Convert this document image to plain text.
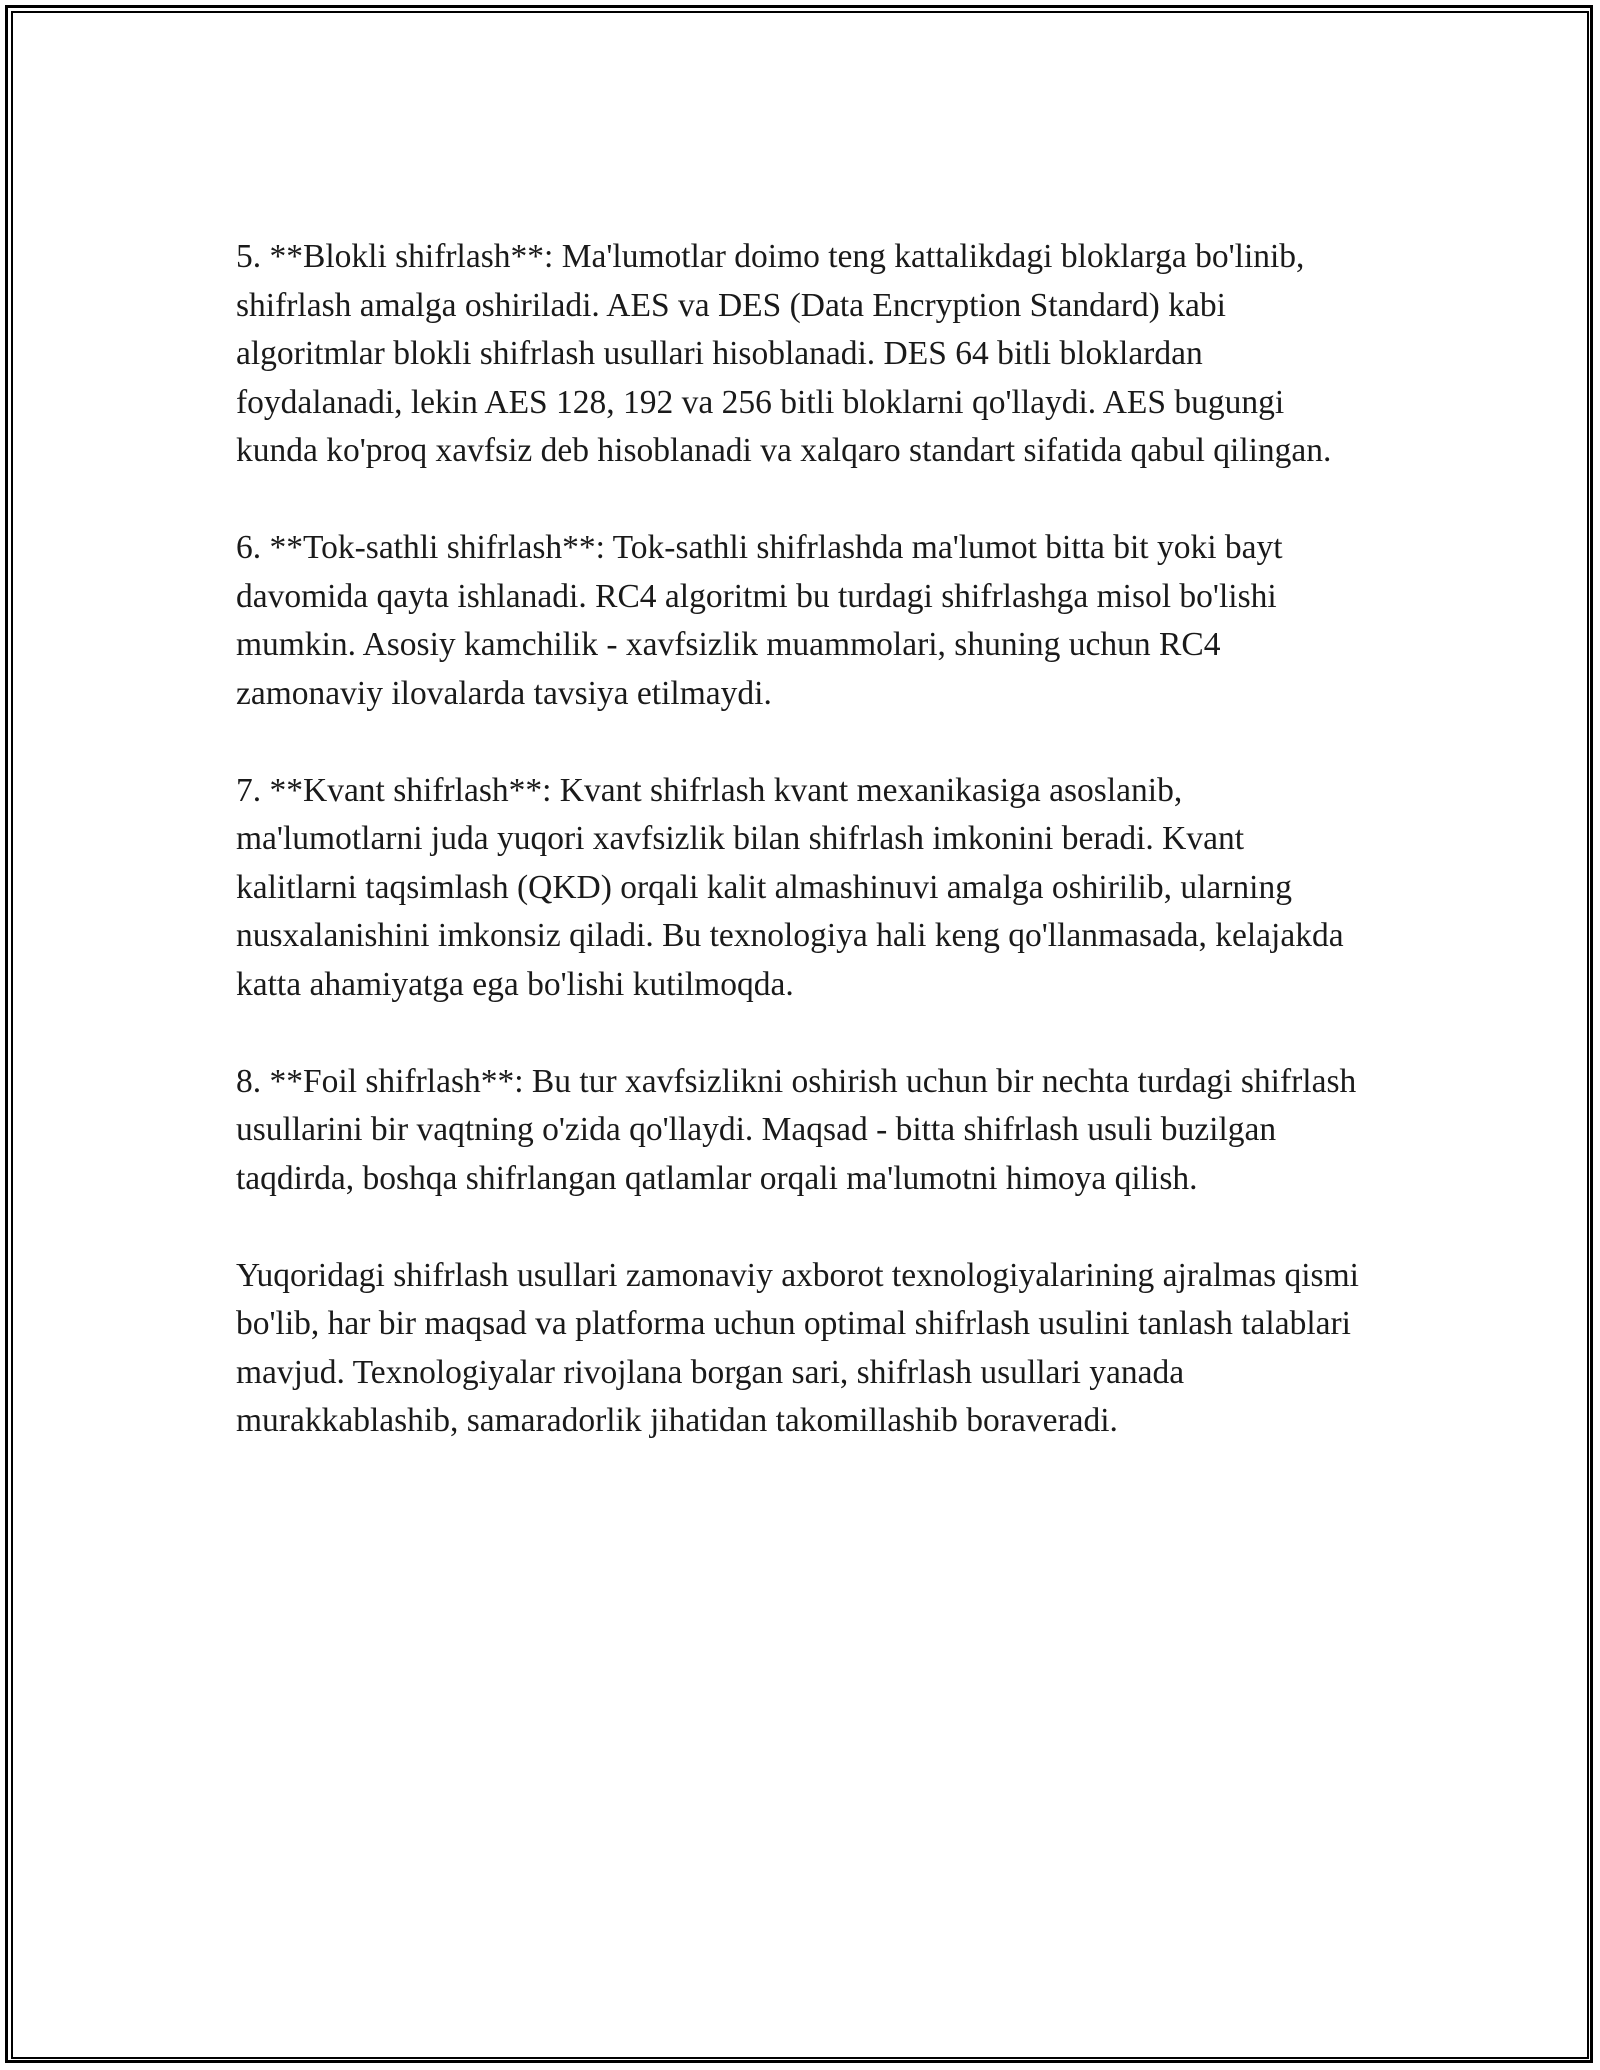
5. **Blokli shifrlash**: Ma'lumotlar doimo teng kattalikdagi bloklarga bo'linib, shifrlash amalga oshiriladi. AES va DES (Data Encryption Standard) kabi algoritmlar blokli shifrlash usullari hisoblanadi. DES 64 bitli bloklardan foydalanadi, lekin AES 128, 192 va 256 bitli bloklarni qo'llaydi. AES bugungi kunda ko'proq xavfsiz deb hisoblanadi va xalqaro standart sifatida qabul qilingan.

6. **Tok-sathli shifrlash**: Tok-sathli shifrlashda ma'lumot bitta bit yoki bayt davomida qayta ishlanadi. RC4 algoritmi bu turdagi shifrlashga misol bo'lishi mumkin. Asosiy kamchilik - xavfsizlik muammolari, shuning uchun RC4 zamonaviy ilovalarda tavsiya etilmaydi.

7. **Kvant shifrlash**: Kvant shifrlash kvant mexanikasiga asoslanib, ma'lumotlarni juda yuqori xavfsizlik bilan shifrlash imkonini beradi. Kvant kalitlarni taqsimlash (QKD) orqali kalit almashinuvi amalga oshirilib, ularning nusxalanishini imkonsiz qiladi. Bu texnologiya hali keng qo'llanmasada, kelajakda katta ahamiyatga ega bo'lishi kutilmoqda.

8. **Foil shifrlash**: Bu tur xavfsizlikni oshirish uchun bir nechta turdagi shifrlash usullarini bir vaqtning o'zida qo'llaydi. Maqsad - bitta shifrlash usuli buzilgan taqdirda, boshqa shifrlangan qatlamlar orqali ma'lumotni himoya qilish.

Yuqoridagi shifrlash usullari zamonaviy axborot texnologiyalarining ajralmas qismi bo'lib, har bir maqsad va platforma uchun optimal shifrlash usulini tanlash talablari mavjud. Texnologiyalar rivojlana borgan sari, shifrlash usullari yanada murakkablashib, samaradorlik jihatidan takomillashib boraveradi.
